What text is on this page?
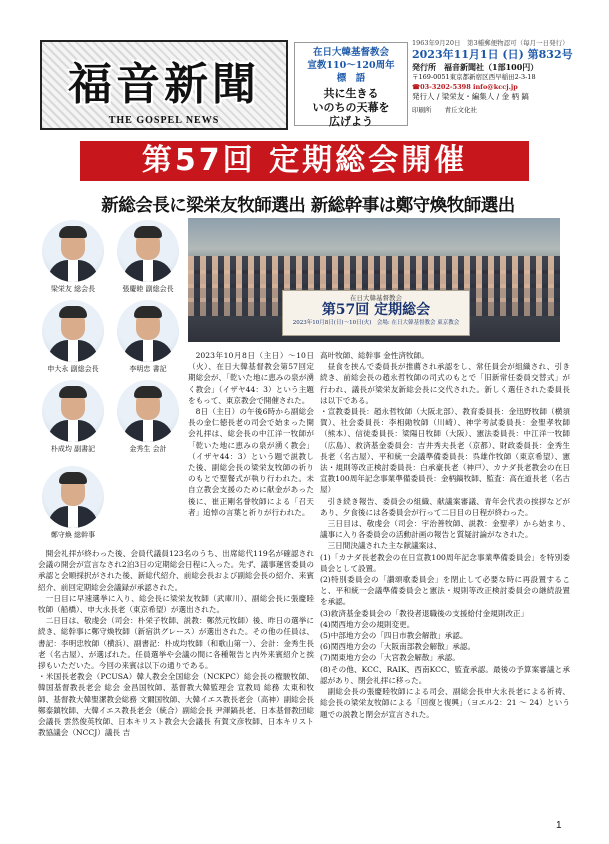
福音新聞
THE GOSPEL NEWS
在日大韓基督教会
宣教110～120周年
標　語
共に生きる
いのちの天幕を
広げよう
1963年9月20日　第3種郵便物認可（毎月一日発行）
2023年11月1日 (日) 第832号
発行所　福音新聞社（1部100円）
〒169-0051東京都新宿区西早稲田2-3-18
☎03-3202-5398 info@kccj.jp
発行人 / 梁栄友・編集人 / 金 柄 鎬
印刷所　　青丘文化社
第57回 定期総会開催
新総会長に梁栄友牧師選出 新総幹事は鄭守煥牧師選出
梁栄友 総会長	張慶睦 副総会長
申大永 副総会長	李明忠 書記
朴成均 副書記	金秀生 会計
鄭守煥 総幹事
在日大韓基督教会
第57回 定期総会
2023年10月8日(日)〜10日(火)　会場: 在日大韓基督教会 東京教会

2023年10月8日（主日）〜10日（火）、在日大韓基督教会第57回定期総会が、「乾いた地に恵みの泉が湧く教会」（イザヤ44：3）という主題をもって、東京教会で開催された。

8日（主日）の午後6時から副総会長の金仁徳長老の司会で始まった開会礼拝は、総会長の中江洋一牧師が「乾いた地に恵みの泉が湧く教会」（イザヤ44：3）という題で説教した後、副総会長の梁栄友牧師の祈りのもとで聖餐式が執り行われた。未自立教会支援のために献金があった後に、崔正剛名誉牧師による「召天者」追悼の言葉と祈りが行われた。

開会礼拝が終わった後、会員代議員123名のうち、出席総代119名が確認され会議の開会が宣言なされ2泊3日の定期総会日程に入った。先ず、議事運営委員の承認と会順採択がされた後、新総代紹介、前総会長および副総会長の紹介、来賓紹介、前回定期総会会議録が承認された。

一日目に早速選挙に入り、総会長に梁栄友牧師（武庫川）、副総会長に張慶睦牧師（船橋）、申大永長老（東京希望）が選出された。

二日目は、敬虔会（司会：朴栄子牧師、説教：鄭然元牧師）後、昨日の選挙に続き、総幹事に鄭守煥牧師（新宿洪グレース）が選出された。その他の任員は、書記：李明忠牧師（横浜）、副書記：朴成均牧師（和歌山第一）、会計：金秀生長老（名古屋）、が選ばれた。任員選挙や会議の間に各種報告と内外来賓紹介と挨拶もいただいた。今回の来賓は以下の通りである。

・米国長老教会（PCUSA）韓人教会全国総会（NCKPC）総会長の権駿牧師、韓国基督教長老会 総会 金昌国牧師、基督教大韓監理会 宣教局 総務 太東和牧師、基督教大韓聖潔教会総務 文爾国牧師、大韓イエス教長老会（高神）副総会長 鄭泰鎮牧師、大韓イエス教長老会（統合）副総会長 尹渾鎬長老、日本基督教団総会議長 雲然俊英牧師、日本キリスト教会大会議長 有賀文彦牧師、日本キリスト教協議会（NCCJ）議長 吉

高叶牧師、総幹事 金性済牧師。

昼食を挟んで委員長が推薦され承認をし、常任員会が組織され、引き続き、前総会長の趙永哲牧師の司式のもとで「旧新常任委員交替式」が行われ、議長が梁栄友新総会長に交代された。新しく選任された委員長は以下である。

・宣教委員長：趙永哲牧師（大阪北部）、教育委員長：金迅野牧師（横須賀）、社会委員長：李相勛牧師（川崎）、神学考試委員長：金聖孝牧師（熊本）、信徒委員長：梁陽日牧師（大阪）、憲法委員長：中江洋一牧師（広島）、救済基金委員会：吉井秀夫長老（京都）、財政委員長：金秀生長老（名古屋）、平和統一会議準備委員長：呉雄作牧師（東京希望）、憲法・規則等改正検討委員長：白承豪長老（神戸）、カナダ長老教会の在日宣教100周年記念事業準備委員長：金柄鎬牧師、監査：高在道長老（名古屋）

引き続き報告、委員会の組織、献議案審議、青年会代表の挨拶などがあり、夕食後には各委員会が行って二日目の日程が終わった。

三日目は、敬虔会（司会：宇治善牧師、説教：金聖孝）から始まり、議事に入り各委員会の活動計画の報告と質疑討論がなされた。

三日間決議された主な献議案は、

(1)「カナダ長老教会の在日宣教100周年記念事業準備委員会」を特別委員会として設置。

(2)特別委員会の「讃頌歌委員会」を閉止して必要な時に再設置すること、平和統一会議準備委員会と憲法・規則等改正検討委員会の継続設置を承認。

(3)救済基金委員会の「教役者退職後の支援給付金規則改正」

(4)関西地方会の規則変更。

(5)中部地方会の「四日市教会解散」承認。

(6)関西地方会の「大阪南部教会解散」承認。

(7)関東地方会の「大宮教会解散」承認。

(8)その他、KCC、RAIK、西南KCC、監査承認。最後の予算案審議と承認があり、閉会礼拝に移った。

副総会長の張慶睦牧師による司会、副総会長申大永長老による祈祷、総会長の梁栄友牧師による「回復と復興」（ヨエル2：21 〜 24）という題での説教と閉会が宣言された。

1
